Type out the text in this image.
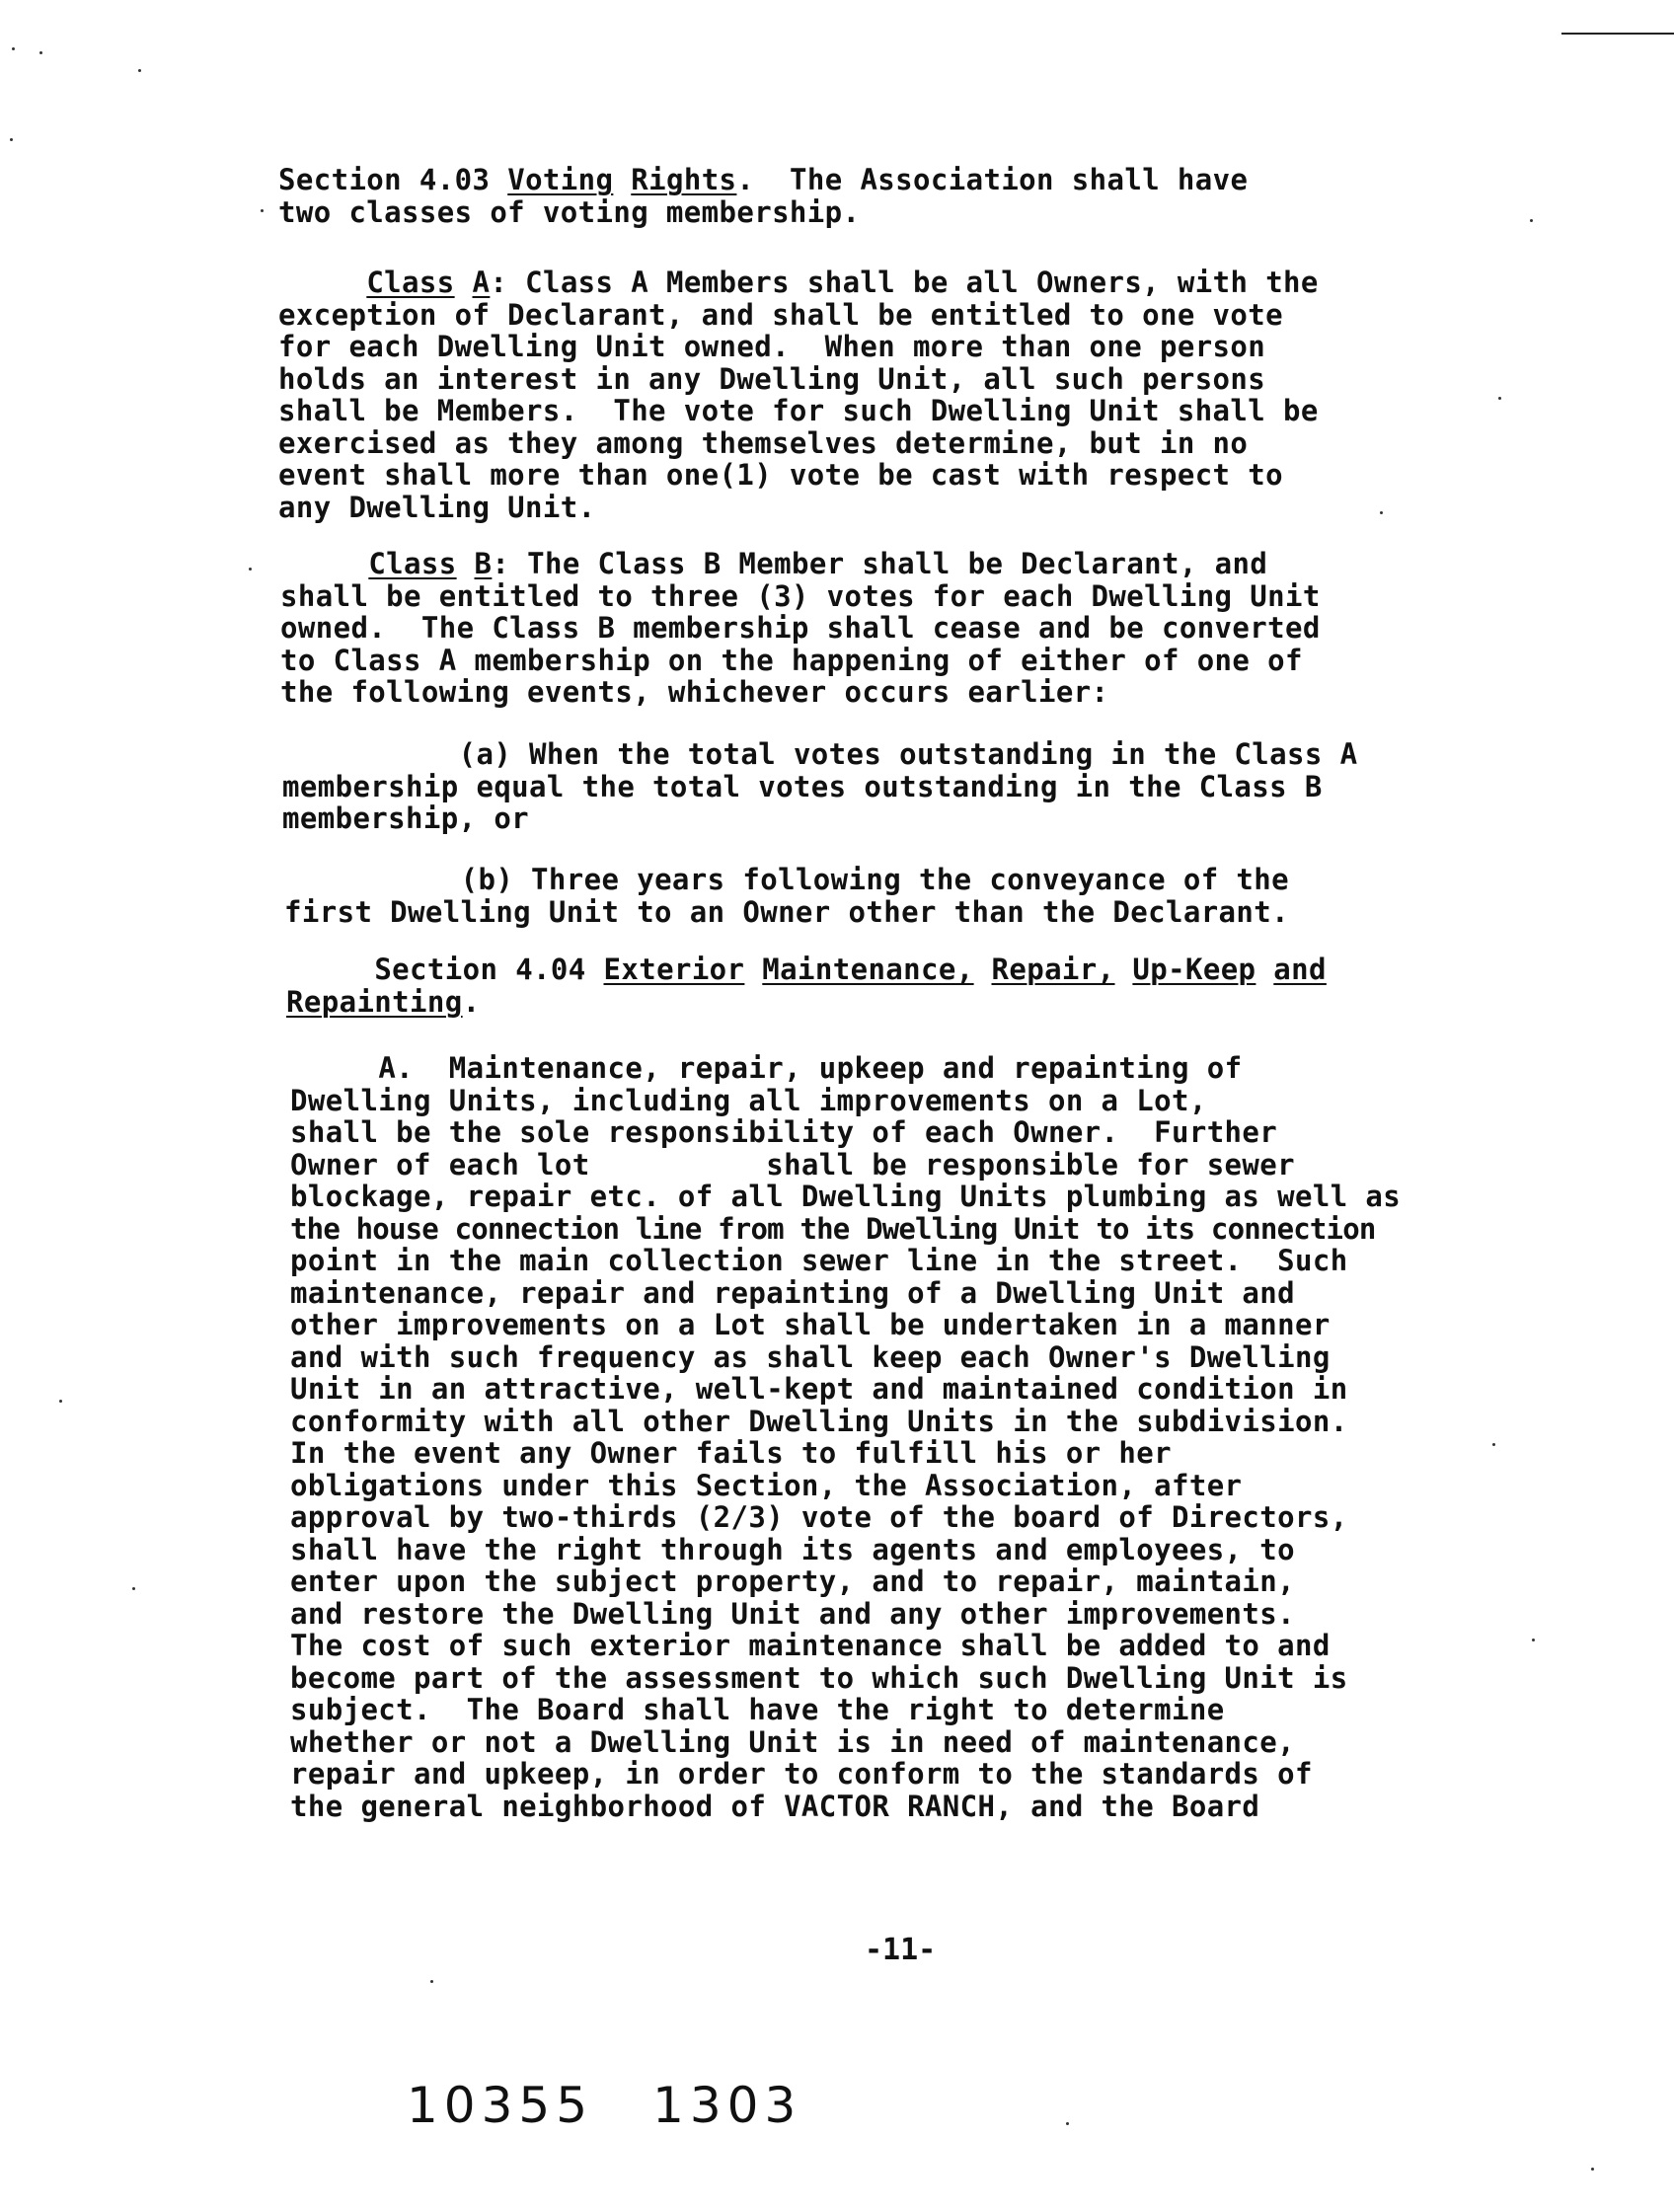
Section 4.03 Voting Rights.  The Association shall have
two classes of voting membership.
Class A: Class A Members shall be all Owners, with the
exception of Declarant, and shall be entitled to one vote
for each Dwelling Unit owned.  When more than one person
holds an interest in any Dwelling Unit, all such persons
shall be Members.  The vote for such Dwelling Unit shall be
exercised as they among themselves determine, but in no
event shall more than one(1) vote be cast with respect to
any Dwelling Unit.
Class B: The Class B Member shall be Declarant, and
shall be entitled to three (3) votes for each Dwelling Unit
owned.  The Class B membership shall cease and be converted
to Class A membership on the happening of either of one of
the following events, whichever occurs earlier:
(a) When the total votes outstanding in the Class A
membership equal the total votes outstanding in the Class B
membership, or
(b) Three years following the conveyance of the
first Dwelling Unit to an Owner other than the Declarant.
Section 4.04 Exterior Maintenance, Repair, Up-Keep and
Repainting.
A.  Maintenance, repair, upkeep and repainting of
Dwelling Units, including all improvements on a Lot,
shall be the sole responsibility of each Owner.  Further
Owner of each lot          shall be responsible for sewer
blockage, repair etc. of all Dwelling Units plumbing as well as
the house connection line from the Dwelling Unit to its connection
point in the main collection sewer line in the street.  Such
maintenance, repair and repainting of a Dwelling Unit and
other improvements on a Lot shall be undertaken in a manner
and with such frequency as shall keep each Owner's Dwelling
Unit in an attractive, well-kept and maintained condition in
conformity with all other Dwelling Units in the subdivision.
In the event any Owner fails to fulfill his or her
obligations under this Section, the Association, after
approval by two-thirds (2/3) vote of the board of Directors,
shall have the right through its agents and employees, to
enter upon the subject property, and to repair, maintain,
and restore the Dwelling Unit and any other improvements.
The cost of such exterior maintenance shall be added to and
become part of the assessment to which such Dwelling Unit is
subject.  The Board shall have the right to determine
whether or not a Dwelling Unit is in need of maintenance,
repair and upkeep, in order to conform to the standards of
the general neighborhood of VACTOR RANCH, and the Board
-11-
10355 1303
